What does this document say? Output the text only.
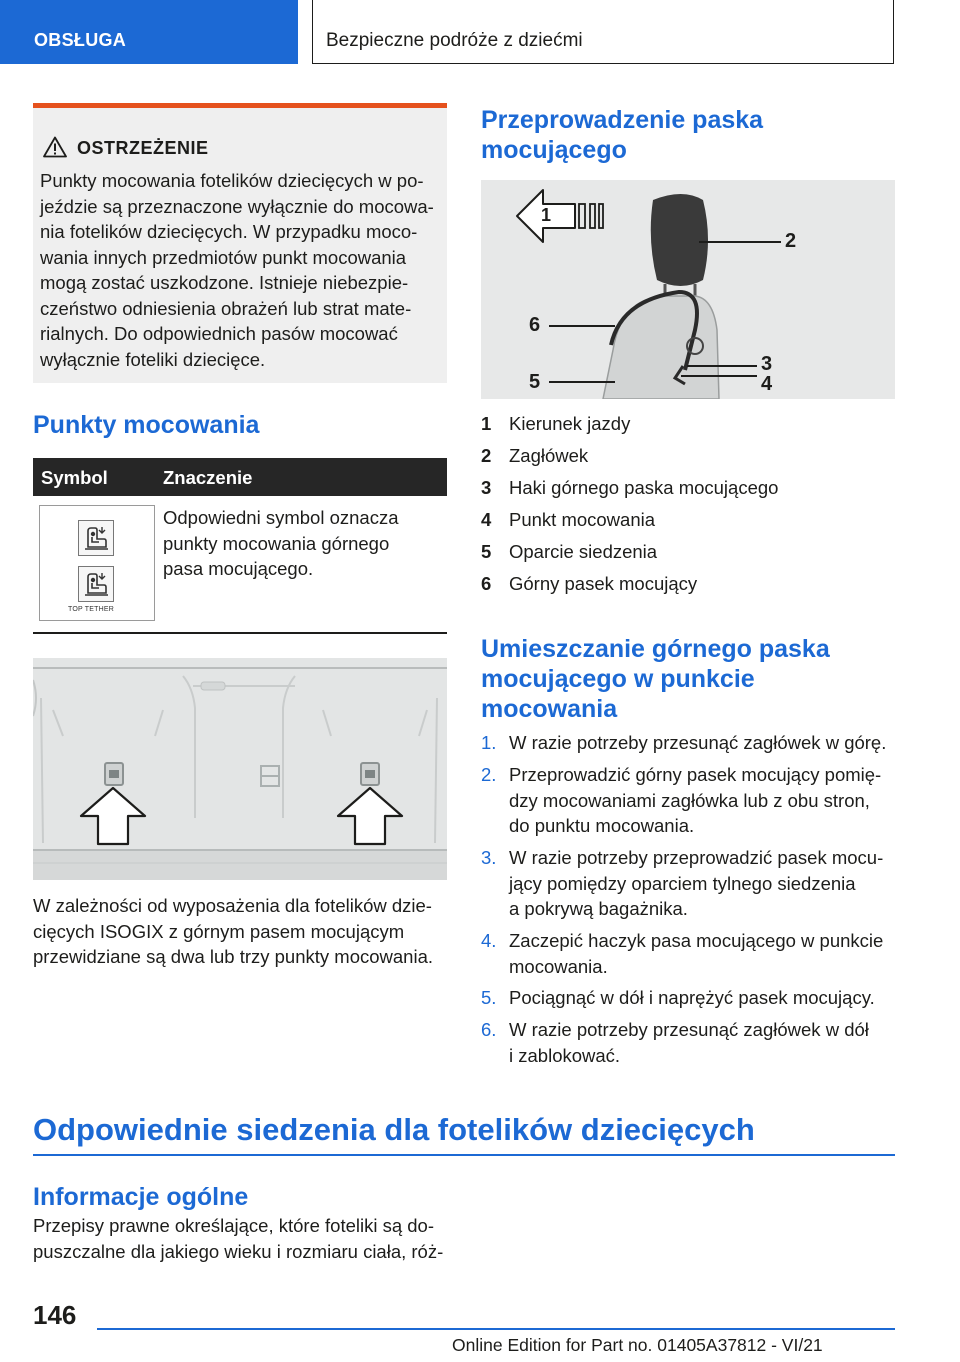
OBSŁUGA	Bezpieczne podróże z dziećmi
OSTRZEŻENIE
Punkty mocowania fotelików dziecięcych w po-
jeździe są przeznaczone wyłącznie do mocowa-
nia fotelików dziecięcych. W przypadku moco-
wania innych przedmiotów punkt mocowania
mogą zostać uszkodzone. Istnieje niebezpie-
czeństwo odniesienia obrażeń lub strat mate-
rialnych. Do odpowiednich pasów mocować
wyłącznie foteliki dziecięce.
Punkty mocowania
Symbol	Znaczenie
TOP TETHER
Odpowiedni symbol oznacza
punkty mocowania górnego
pasa mocującego.
W zależności od wyposażenia dla fotelików dzie-
cięcych ISOGIX z górnym pasem mocującym
przewidziane są dwa lub trzy punkty mocowania.
Przeprowadzenie paska
mocującego
1
2
3
4
5
6
1 Kierunek jazdy
2 Zagłówek
3 Haki górnego paska mocującego
4 Punkt mocowania
5 Oparcie siedzenia
6 Górny pasek mocujący
Umieszczanie górnego paska
mocującego w punkcie
mocowania
1. W razie potrzeby przesunąć zagłówek w górę.
2. Przeprowadzić górny pasek mocujący pomię-
dzy mocowaniami zagłówka lub z obu stron,
do punktu mocowania.
3. W razie potrzeby przeprowadzić pasek mocu-
jący pomiędzy oparciem tylnego siedzenia
a pokrywą bagażnika.
4. Zaczepić haczyk pasa mocującego w punkcie
mocowania.
5. Pociągnąć w dół i naprężyć pasek mocujący.
6. W razie potrzeby przesunąć zagłówek w dół
i zablokować.
Odpowiednie siedzenia dla fotelików dziecięcych
Informacje ogólne
Przepisy prawne określające, które foteliki są do-
puszczalne dla jakiego wieku i rozmiaru ciała, róż-
146
Online Edition for Part no. 01405A37812 - VI/21
